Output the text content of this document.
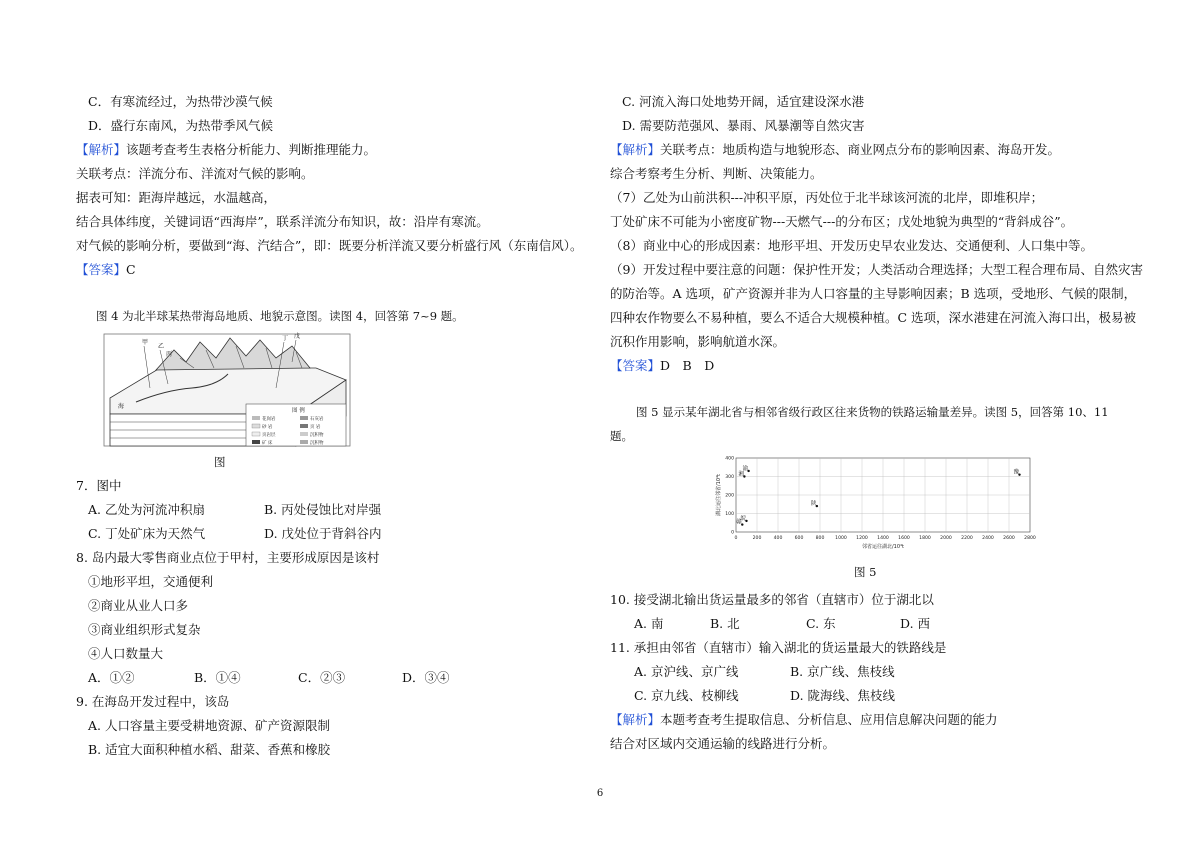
C．有寒流经过，为热带沙漠气候
D．盛行东南风，为热带季风气候
【解析】该题考查考生表格分析能力、判断推理能力。
关联考点：洋流分布、洋流对气候的影响。
据表可知：距海岸越远，水温越高，
结合具体纬度，关键词语“西海岸”，联系洋流分布知识，故：沿岸有寒流。
对气候的影响分析，要做到“海、汽结合”，即：既要分析洋流又要分析盛行风（东南信风）。
【答案】C
图 4 为北半球某热带海岛地质、地貌示意图。读图 4，回答第 7~9 题。
图 例
花岗岩	石灰岩
砂 岩	页 岩
页岩层	沉积物
矿 床	沉积物
甲
乙
丙
丁 戊
海
图
7．图中
A. 乙处为河流冲积扇	B. 丙处侵蚀比对岸强
C. 丁处矿床为天然气	D. 戊处位于背斜谷内
8. 岛内最大零售商业点位于甲村，主要形成原因是该村
①地形平坦，交通便利
②商业从业人口多
③商业组织形式复杂
④人口数量大
A．①②	B．①④	C．②③	D．③④
9. 在海岛开发过程中，该岛
A. 人口容量主要受耕地资源、矿产资源限制
B. 适宜大面积种植水稻、甜菜、香蕉和橡胶
C. 河流入海口处地势开阔，适宜建设深水港
D. 需要防范强风、暴雨、风暴潮等自然灾害
【解析】关联考点：地质构造与地貌形态、商业网点分布的影响因素、海岛开发。
综合考察考生分析、判断、决策能力。
（7）乙处为山前洪积---冲积平原，丙处位于北半球该河流的北岸，即堆积岸；
丁处矿床不可能为小密度矿物---天燃气---的分布区；戊处地貌为典型的“背斜成谷”。
（8）商业中心的形成因素：地形平坦、开发历史早农业发达、交通便利、人口集中等。
（9）开发过程中要注意的问题：保护性开发；人类活动合理选择；大型工程合理布局、自然灾害
的防治等。A 选项，矿产资源并非为人口容量的主导影响因素；B 选项，受地形、气候的限制，
四种农作物要么不易种植，要么不适合大规模种植。C 选项，深水港建在河流入海口出，极易被
沉积作用影响，影响航道水深。
【答案】D　B　D
图 5 显示某年湖北省与相邻省级行政区往来货物的铁路运输量差异。读图 5，回答第 10、11
题。
0	200	400	600	800 1000 1200 1400 1600 1800 2000 2200 2400 2600 2800
0
100
200
300
400
渝
湘
陕
皖
赣
豫
邻省运往湖北/10⁴t
湖北运往邻省/10⁴t
图 5
10. 接受湖北输出货运量最多的邻省（直辖市）位于湖北以
A. 南	B. 北	C. 东	D. 西
11. 承担由邻省（直辖市）输入湖北的货运量最大的铁路线是
A. 京沪线、京广线	B. 京广线、焦枝线
C. 京九线、枝柳线	D. 陇海线、焦枝线
【解析】本题考查考生提取信息、分析信息、应用信息解决问题的能力
结合对区域内交通运输的线路进行分析。
6
